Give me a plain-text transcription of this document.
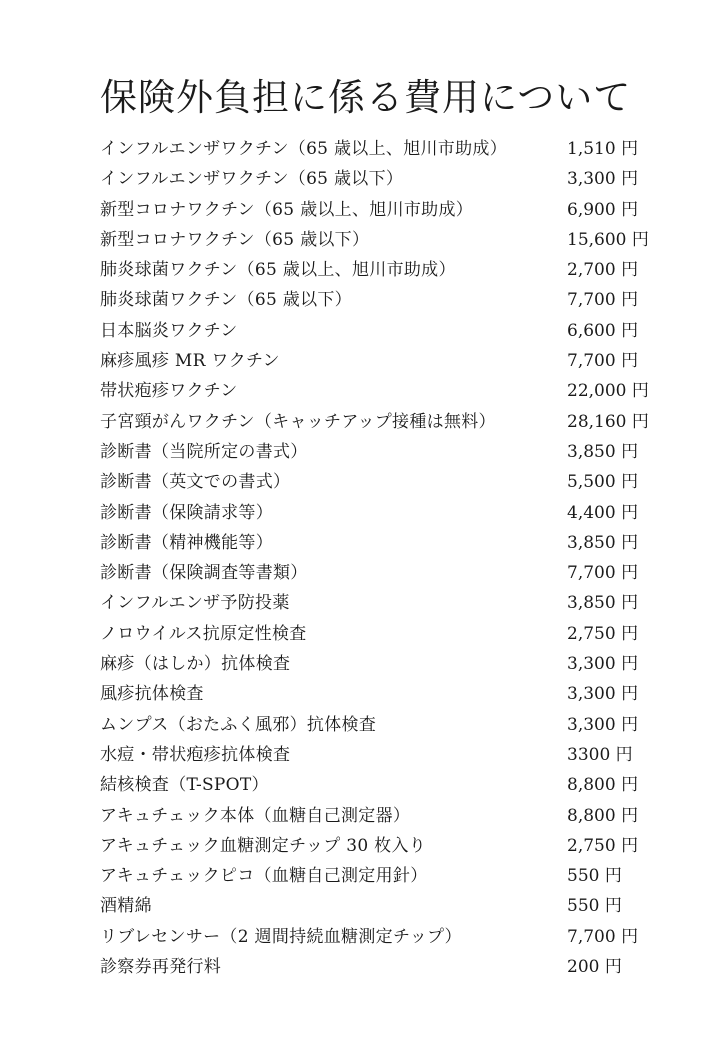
保険外負担に係る費用について
インフルエンザワクチン（65 歳以上、旭川市助成）	1,510 円
インフルエンザワクチン（65 歳以下）	3,300 円
新型コロナワクチン（65 歳以上、旭川市助成）	6,900 円
新型コロナワクチン（65 歳以下）	15,600 円
肺炎球菌ワクチン（65 歳以上、旭川市助成）	2,700 円
肺炎球菌ワクチン（65 歳以下）	7,700 円
日本脳炎ワクチン	6,600 円
麻疹風疹 MR ワクチン	7,700 円
帯状疱疹ワクチン	22,000 円
子宮頸がんワクチン（キャッチアップ接種は無料）	28,160 円
診断書（当院所定の書式）	3,850 円
診断書（英文での書式）	5,500 円
診断書（保険請求等）	4,400 円
診断書（精神機能等）	3,850 円
診断書（保険調査等書類）	7,700 円
インフルエンザ予防投薬	3,850 円
ノロウイルス抗原定性検査	2,750 円
麻疹（はしか）抗体検査	3,300 円
風疹抗体検査	3,300 円
ムンプス（おたふく風邪）抗体検査	3,300 円
水痘・帯状疱疹抗体検査	3300 円
結核検査（T-SPOT）	8,800 円
アキュチェック本体（血糖自己測定器）	8,800 円
アキュチェック血糖測定チップ 30 枚入り	2,750 円
アキュチェックピコ（血糖自己測定用針）	550 円
酒精綿	550 円
リブレセンサー（2 週間持続血糖測定チップ）	7,700 円
診察券再発行料	200 円
